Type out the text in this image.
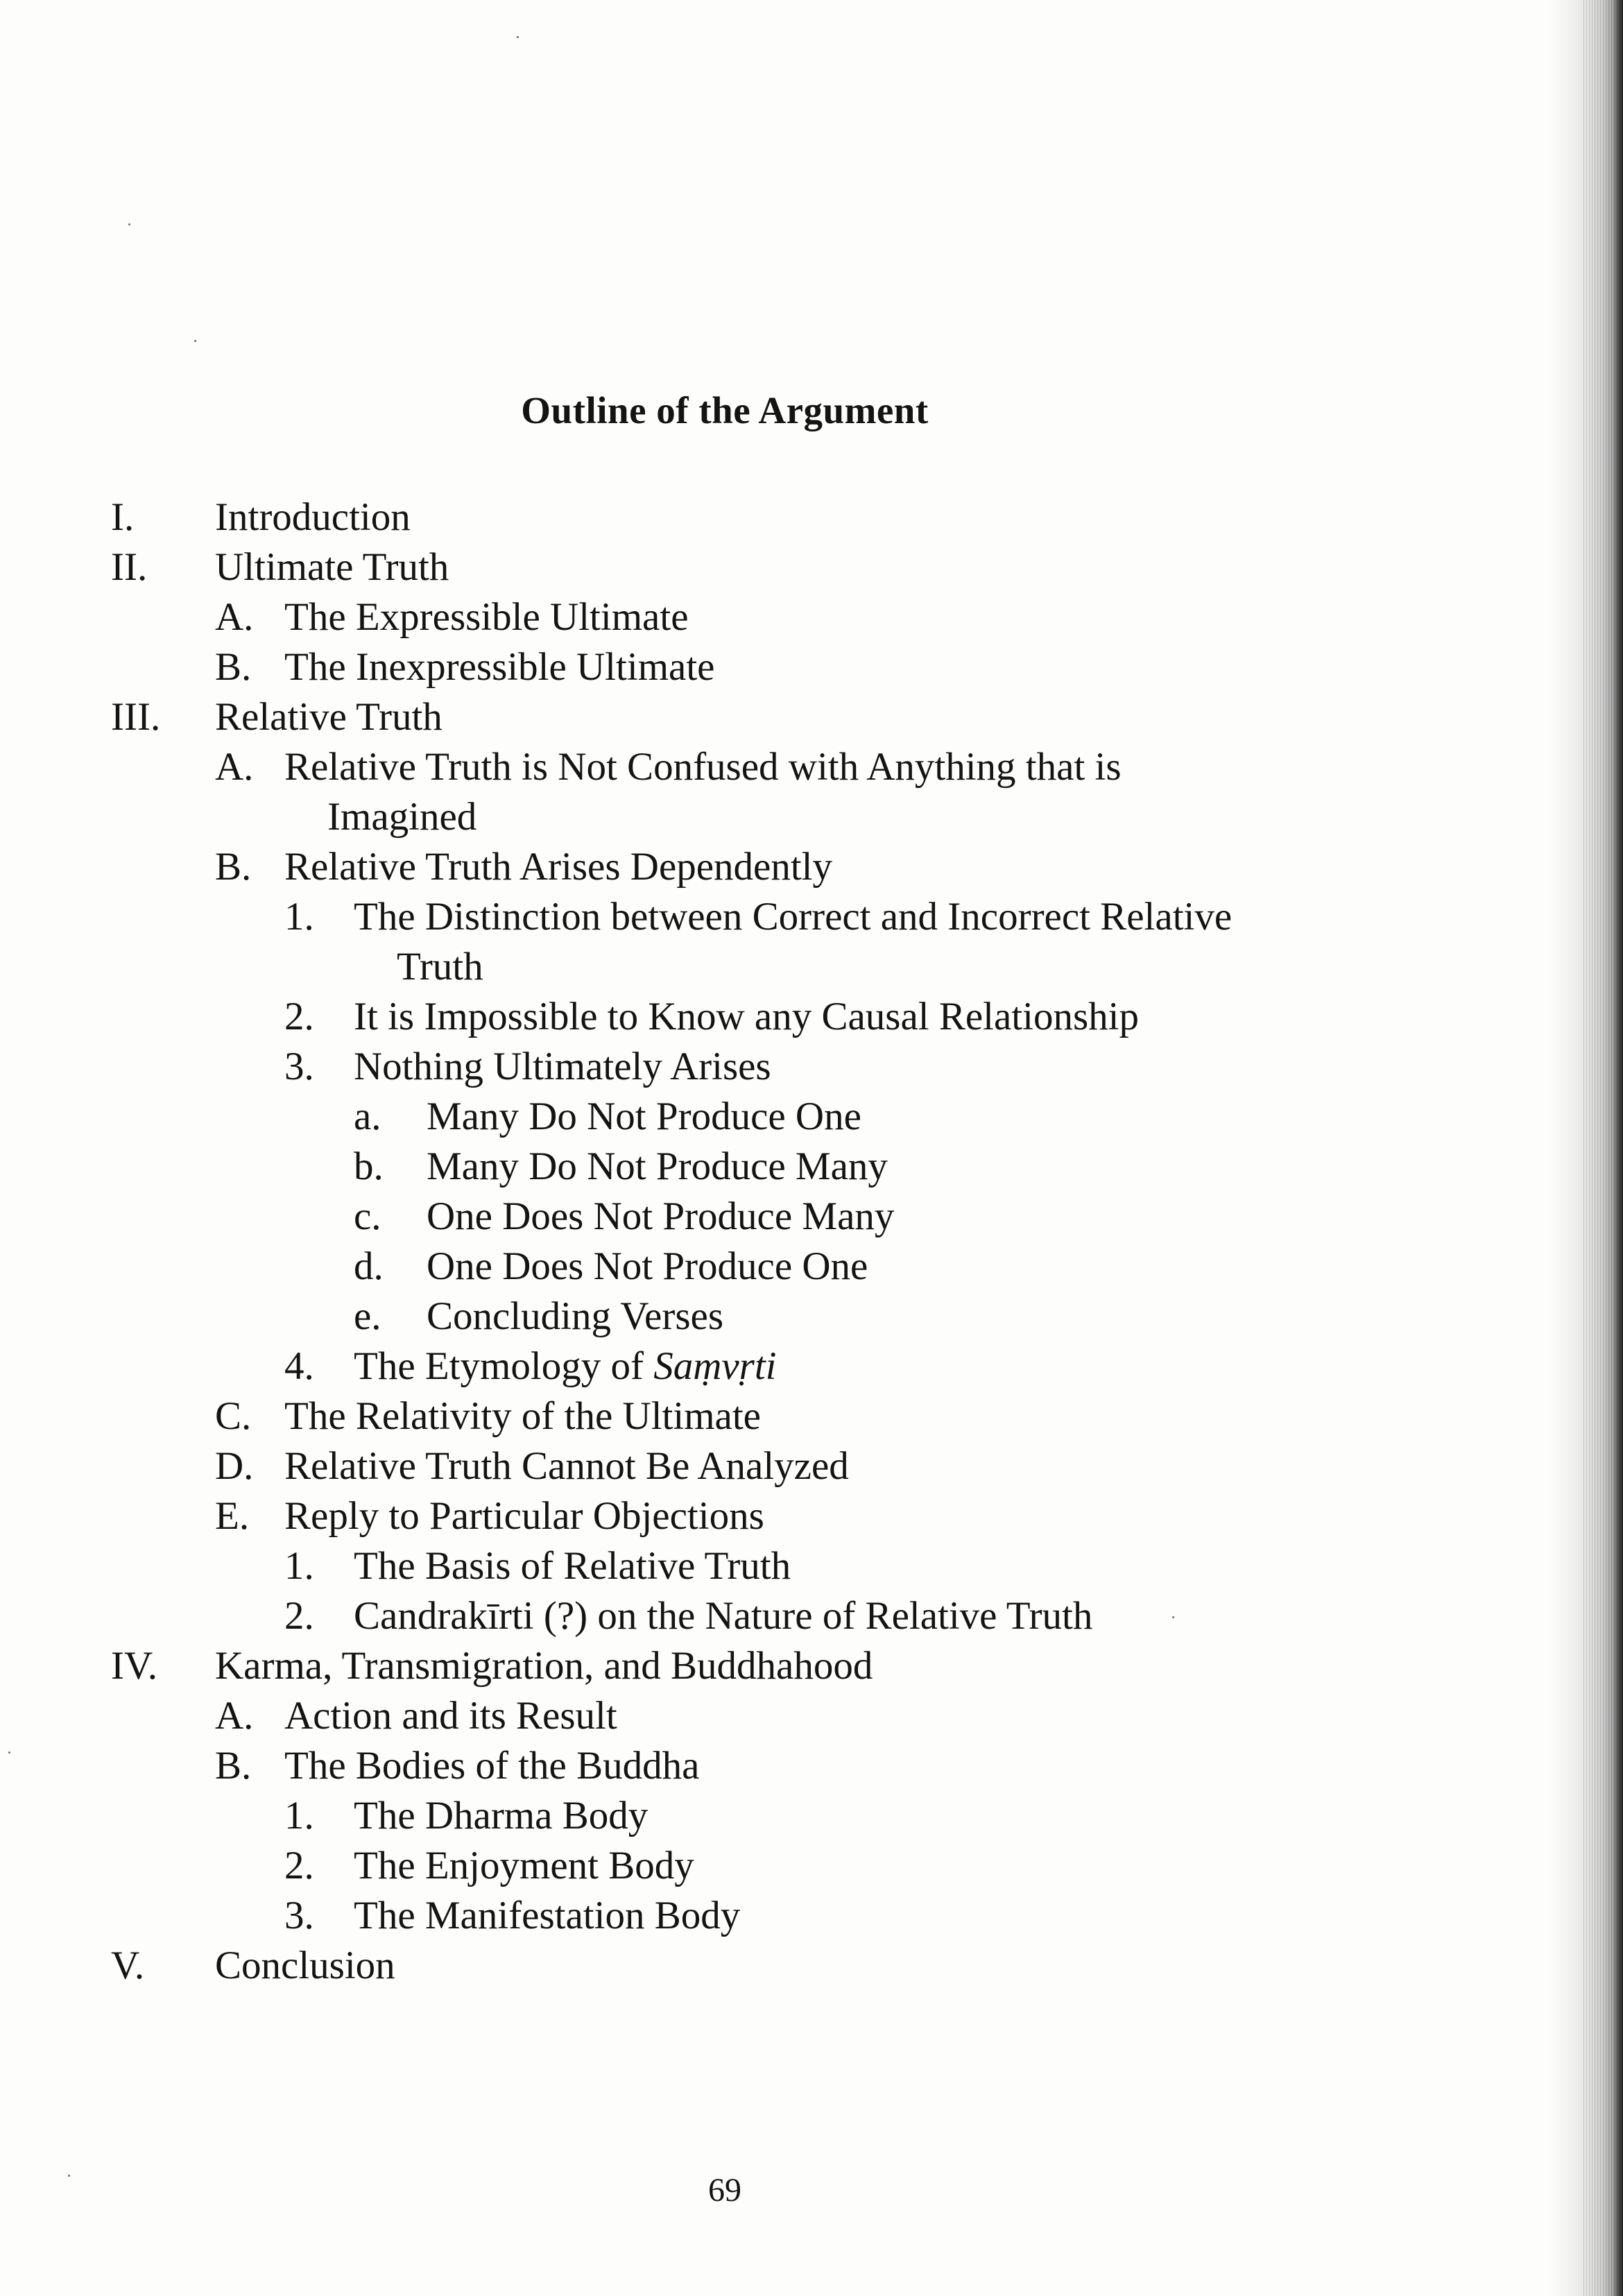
Outline of the Argument
I. Introduction
II. Ultimate Truth
A. The Expressible Ultimate
B. The Inexpressible Ultimate
III. Relative Truth
A. Relative Truth is Not Confused with Anything that is
Imagined
B. Relative Truth Arises Dependently
1. The Distinction between Correct and Incorrect Relative
Truth
2. It is Impossible to Know any Causal Relationship
3. Nothing Ultimately Arises
a. Many Do Not Produce One
b. Many Do Not Produce Many
c. One Does Not Produce Many
d. One Does Not Produce One
e. Concluding Verses
4. The Etymology of Saṃvṛti
C. The Relativity of the Ultimate
D. Relative Truth Cannot Be Analyzed
E. Reply to Particular Objections
1. The Basis of Relative Truth
2. Candrakīrti (?) on the Nature of Relative Truth
IV. Karma, Transmigration, and Buddhahood
A. Action and its Result
B. The Bodies of the Buddha
1. The Dharma Body
2. The Enjoyment Body
3. The Manifestation Body
V. Conclusion
69
